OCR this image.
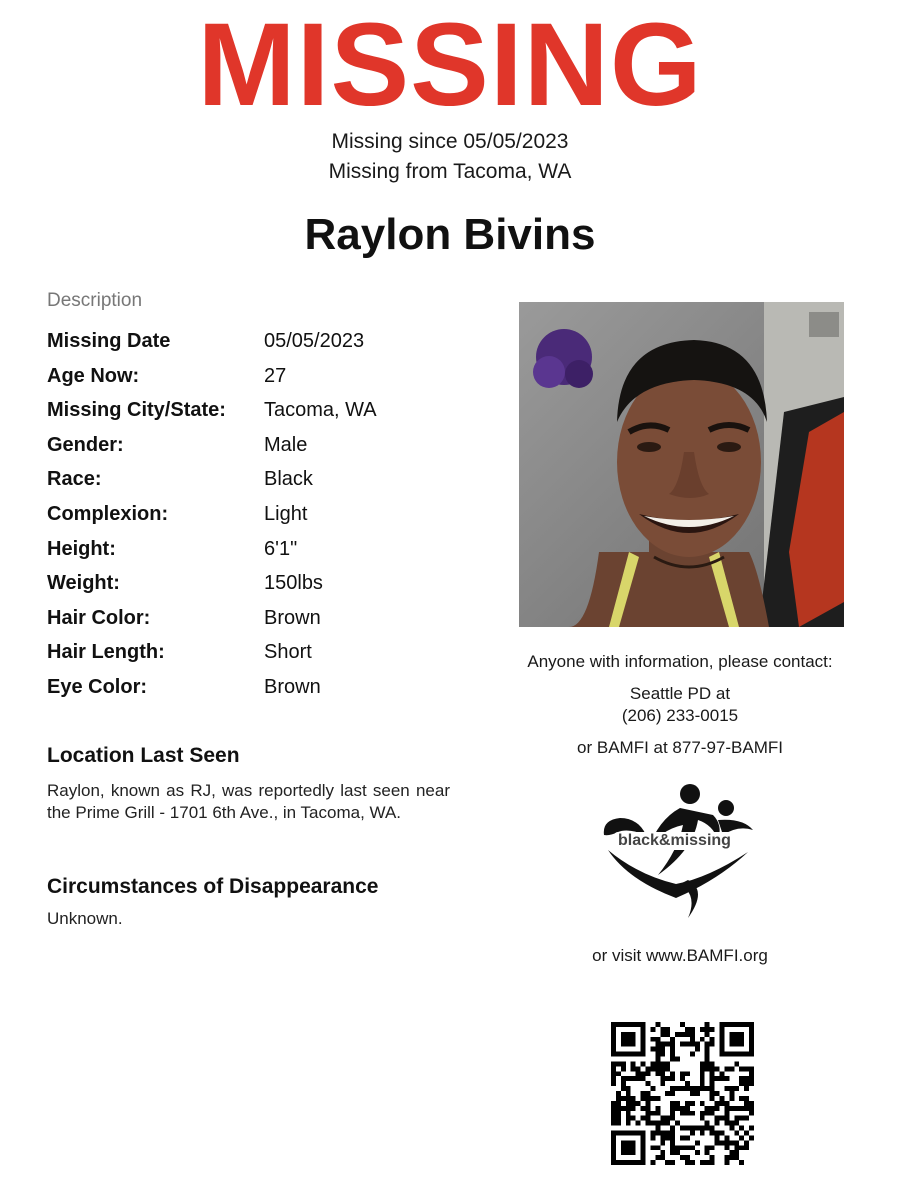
MISSING
Missing since 05/05/2023
Missing from Tacoma, WA
Raylon Bivins
Description
Missing Date	05/05/2023
Age Now:	27
Missing City/State: Tacoma, WA
Gender:	Male
Race:	Black
Complexion:	Light
Height:	6'1"
Weight:	150lbs
Hair Color:	Brown
Hair Length:	Short
Eye Color:	Brown
Location Last Seen
Raylon, known as RJ, was reportedly last seen near the Prime Grill - 1701 6th Ave., in Tacoma, WA.
Circumstances of Disappearance
Unknown.
Anyone with information, please contact:
Seattle PD at
(206) 233-0015
or BAMFI at 877-97-BAMFI
black&missing
or visit www.BAMFI.org
